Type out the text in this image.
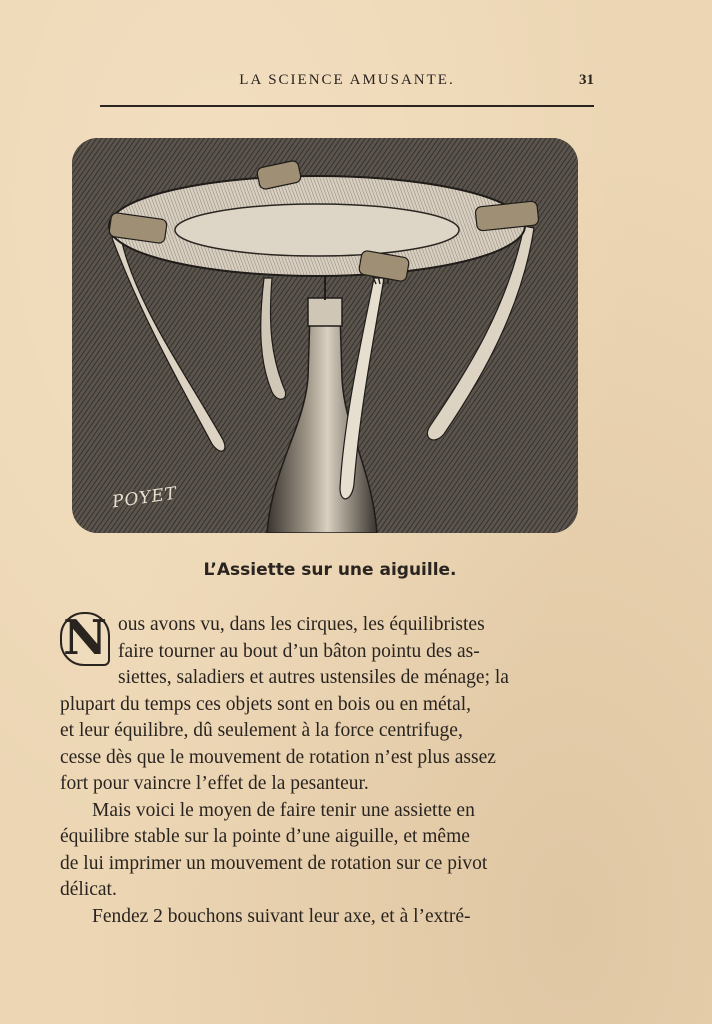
LA SCIENCE AMUSANTE.	31
POYET
L’Assiette sur une aiguille.

N ous avons vu, dans les cirques, les équilibristes
faire tourner au bout d’un bâton pointu des as-
siettes, saladiers et autres ustensiles de ménage; la
plupart du temps ces objets sont en bois ou en métal,
et leur équilibre, dû seulement à la force centrifuge,
cesse dès que le mouvement de rotation n’est plus assez
fort pour vaincre l’effet de la pesanteur.

Mais voici le moyen de faire tenir une assiette en
équilibre stable sur la pointe d’une aiguille, et même
de lui imprimer un mouvement de rotation sur ce pivot
délicat.

Fendez 2 bouchons suivant leur axe, et à l’extré-
